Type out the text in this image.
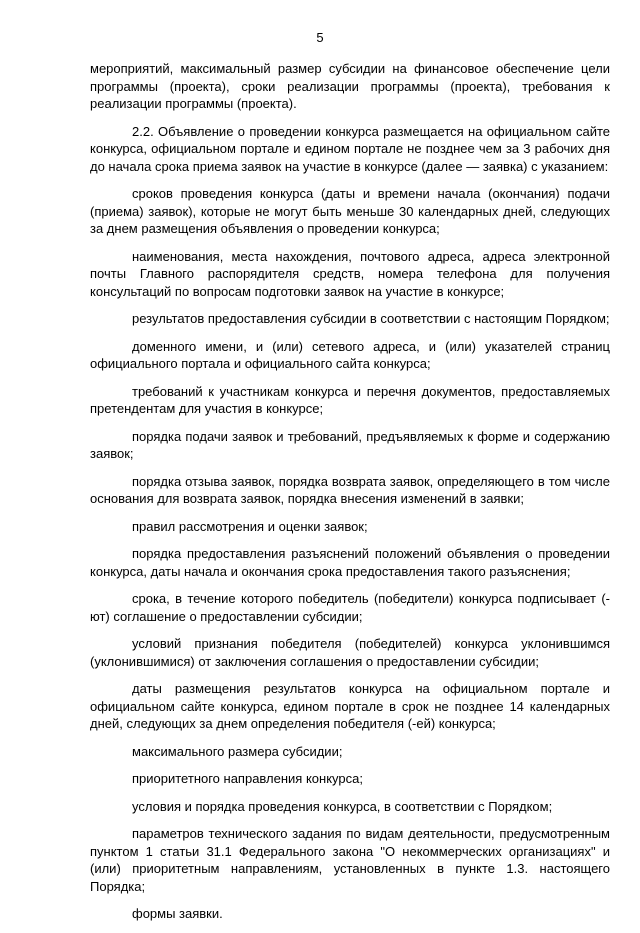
5

мероприятий, максимальный размер субсидии на финансовое обеспечение цели программы (проекта), сроки реализации программы (проекта), требования к реализации программы (проекта).

2.2. Объявление о проведении конкурса размещается на официальном сайте конкурса, официальном портале и едином портале не позднее чем за 3 рабочих дня до начала срока приема заявок на участие в конкурсе (далее — заявка) с указанием:

сроков проведения конкурса (даты и времени начала (окончания) подачи (приема) заявок), которые не могут быть меньше 30 календарных дней, следующих за днем размещения объявления о проведении конкурса;

наименования, места нахождения, почтового адреса, адреса электронной почты Главного распорядителя средств, номера телефона для получения консультаций по вопросам подготовки заявок на участие в конкурсе;

результатов предоставления субсидии в соответствии с настоящим Порядком;

доменного имени, и (или) сетевого адреса, и (или) указателей страниц официального портала и официального сайта конкурса;

требований к участникам конкурса и перечня документов, предоставляемых претендентам для участия в конкурсе;

порядка подачи заявок и требований, предъявляемых к форме и содержанию заявок;

порядка отзыва заявок, порядка возврата заявок, определяющего в том числе основания для возврата заявок, порядка внесения изменений в заявки;

правил рассмотрения и оценки заявок;

порядка предоставления разъяснений положений объявления о проведении конкурса, даты начала и окончания срока предоставления такого разъяснения;

срока, в течение которого победитель (победители) конкурса подписывает (-ют) соглашение о предоставлении субсидии;

условий признания победителя (победителей) конкурса уклонившимся (уклонившимися) от заключения соглашения о предоставлении субсидии;

даты размещения результатов конкурса на официальном портале и официальном сайте конкурса, едином портале в срок не позднее 14 календарных дней, следующих за днем определения победителя (-ей) конкурса;

максимального размера субсидии;

приоритетного направления конкурса;

условия и порядка проведения конкурса, в соответствии с Порядком;

параметров технического задания по видам деятельности, предусмотренным пунктом 1 статьи 31.1 Федерального закона "О некоммерческих организациях" и (или) приоритетным направлениям, установленных в пункте 1.3. настоящего Порядка;

формы заявки.
